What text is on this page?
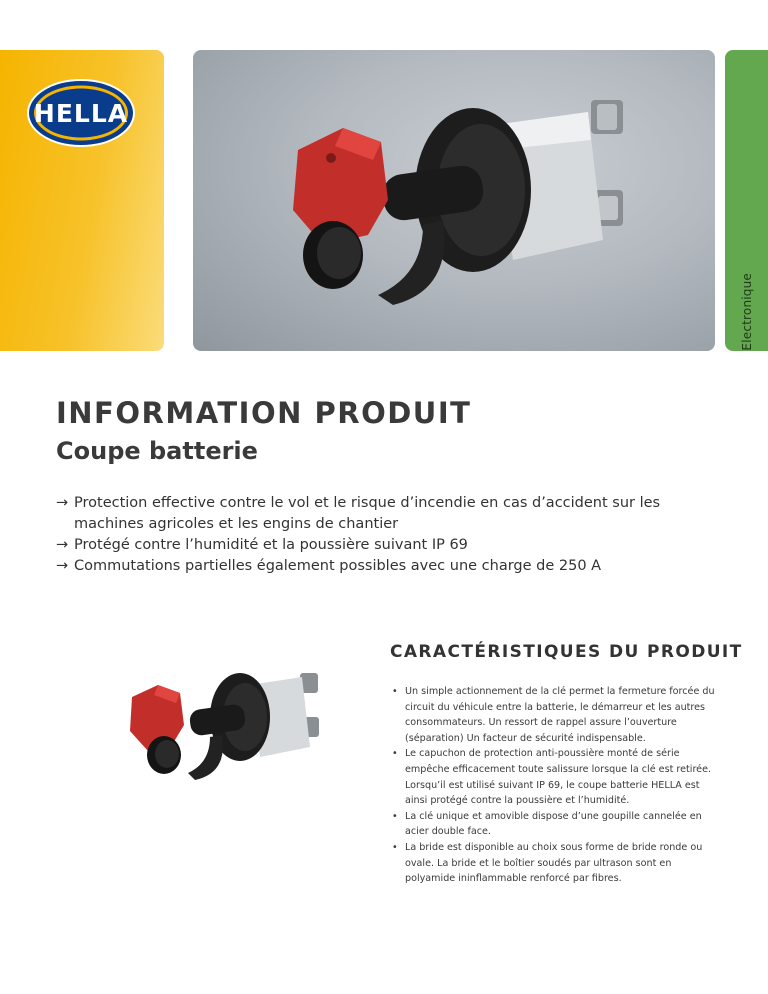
HELLA
Electronique
INFORMATION PRODUIT
Coupe batterie
→ Protection effective contre le vol et le risque d’incendie en cas d’accident sur les machines agricoles et les engins de chantier
→ Protégé contre l’humidité et la poussière suivant IP 69
→ Commutations partielles également possibles avec une charge de 250 A
CARACTÉRISTIQUES DU PRODUIT
• Un simple actionnement de la clé permet la fermeture forcée du circuit du véhicule entre la batterie, le démarreur et les autres consommateurs. Un ressort de rappel assure l’ouverture (séparation) Un facteur de sécurité indispensable.
• Le capuchon de protection anti-poussière monté de série empêche efficacement toute salissure lorsque la clé est retirée. Lorsqu’il est utilisé suivant IP 69, le coupe batterie HELLA est ainsi protégé contre la poussière et l’humidité.
• La clé unique et amovible dispose d’une goupille cannelée en acier double face.
• La bride est disponible au choix sous forme de bride ronde ou ovale. La bride et le boîtier soudés par ultrason sont en polyamide ininflammable renforcé par fibres.
